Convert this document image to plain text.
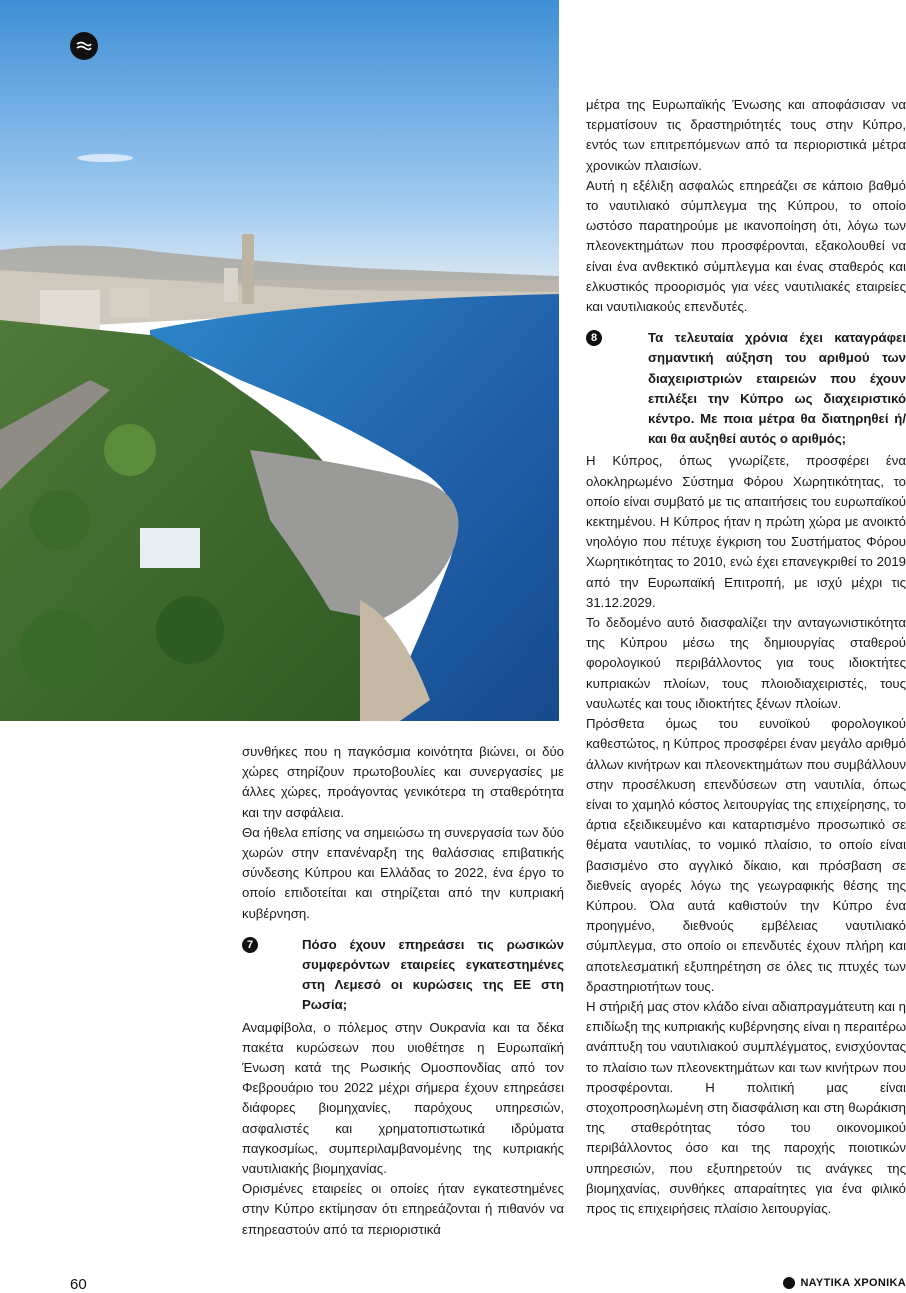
συνθήκες που η παγκόσμια κοινότητα βιώνει, οι δύο χώρες στηρίζουν πρωτοβουλίες και συνεργασίες με άλλες χώρες, προάγοντας γενικότερα τη σταθερότητα και την ασφάλεια.

Θα ήθελα επίσης να σημειώσω τη συνεργασία των δύο χωρών στην επανέναρξη της θαλάσσιας επιβατικής σύνδεσης Κύπρου και Ελλάδας το 2022, ένα έργο το οποίο επιδοτείται και στηρίζεται από την κυπριακή κυβέρνηση.

7	Πόσο έχουν επηρεάσει τις ρωσικών συμφερόντων εταιρείες εγκατεστημένες στη Λεμεσό οι κυρώσεις της ΕΕ στη Ρωσία;

Αναμφίβολα, ο πόλεμος στην Ουκρανία και τα δέκα πακέτα κυρώσεων που υιοθέτησε η Ευρωπαϊκή Ένωση κατά της Ρωσικής Ομοσπονδίας από τον Φεβρουάριο του 2022 μέχρι σήμερα έχουν επηρεάσει διάφορες βιομηχανίες, παρόχους υπηρεσιών, ασφαλιστές και χρηματοπιστωτικά ιδρύματα παγκοσμίως, συμπεριλαμβανομένης της κυπριακής ναυτιλιακής βιομηχανίας.

Ορισμένες εταιρείες οι οποίες ήταν εγκατεστημένες στην Κύπρο εκτίμησαν ότι επηρεάζονται ή πιθανόν να επηρεαστούν από τα περιοριστικά

μέτρα της Ευρωπαϊκής Ένωσης και αποφάσισαν να τερματίσουν τις δραστηριότητές τους στην Κύπρο, εντός των επιτρεπόμενων από τα περιοριστικά μέτρα χρονικών πλαισίων.

Αυτή η εξέλιξη ασφαλώς επηρεάζει σε κάποιο βαθμό το ναυτιλιακό σύμπλεγμα της Κύπρου, το οποίο ωστόσο παρατηρούμε με ικανοποίηση ότι, λόγω των πλεονεκτημάτων που προσφέρονται, εξακολουθεί να είναι ένα ανθεκτικό σύμπλεγμα και ένας σταθερός και ελκυστικός προορισμός για νέες ναυτιλιακές εταιρείες και ναυτιλιακούς επενδυτές.

8	Τα τελευταία χρόνια έχει καταγράφει σημαντική αύξηση του αριθμού των διαχειριστριών εταιρειών που έχουν επιλέξει την Κύπρο ως διαχειριστικό κέντρο. Με ποια μέτρα θα διατηρηθεί ή/και θα αυξηθεί αυτός ο αριθμός;

Η Κύπρος, όπως γνωρίζετε, προσφέρει ένα ολοκληρωμένο Σύστημα Φόρου Χωρητικότητας, το οποίο είναι συμβατό με τις απαιτήσεις του ευρωπαϊκού κεκτημένου. Η Κύπρος ήταν η πρώτη χώρα με ανοικτό νηολόγιο που πέτυχε έγκριση του Συστήματος Φόρου Χωρητικότητας το 2010, ενώ έχει επανεγκριθεί το 2019 από την Ευρωπαϊκή Επιτροπή, με ισχύ μέχρι τις 31.12.2029.

Το δεδομένο αυτό διασφαλίζει την ανταγωνιστικότητα της Κύπρου μέσω της δημιουργίας σταθερού φορολογικού περιβάλλοντος για τους ιδιοκτήτες κυπριακών πλοίων, τους πλοιοδιαχειριστές, τους ναυλωτές και τους ιδιοκτήτες ξένων πλοίων.

Πρόσθετα όμως του ευνοϊκού φορολογικού καθεστώτος, η Κύπρος προσφέρει έναν μεγάλο αριθμό άλλων κινήτρων και πλεονεκτημάτων που συμβάλλουν στην προσέλκυση επενδύσεων στη ναυτιλία, όπως είναι το χαμηλό κόστος λειτουργίας της επιχείρησης, το άρτια εξειδικευμένο και καταρτισμένο προσωπικό σε θέματα ναυτιλίας, το νομικό πλαίσιο, το οποίο είναι βασισμένο στο αγγλικό δίκαιο, και πρόσβαση σε διεθνείς αγορές λόγω της γεωγραφικής θέσης της Κύπρου. Όλα αυτά καθιστούν την Κύπρο ένα προηγμένο, διεθνούς εμβέλειας ναυτιλιακό σύμπλεγμα, στο οποίο οι επενδυτές έχουν πλήρη και αποτελεσματική εξυπηρέτηση σε όλες τις πτυχές των δραστηριοτήτων τους.

Η στήριξή μας στον κλάδο είναι αδιαπραγμάτευτη και η επιδίωξη της κυπριακής κυβέρνησης είναι η περαιτέρω ανάπτυξη του ναυτιλιακού συμπλέγματος, ενισχύοντας το πλαίσιο των πλεονεκτημάτων και των κινήτρων που προσφέρονται. Η πολιτική μας είναι στοχοπροσηλωμένη στη διασφάλιση και στη θωράκιση της σταθερότητας τόσο του οικονομικού περιβάλλοντος όσο και της παροχής ποιοτικών υπηρεσιών, που εξυπηρετούν τις ανάγκες της βιομηχανίας, συνθήκες απαραίτητες για ένα φιλικό προς τις επιχειρήσεις πλαίσιο λειτουργίας.

60	ΝΑΥΤΙΚΑ ΧΡΟΝΙΚΑ
